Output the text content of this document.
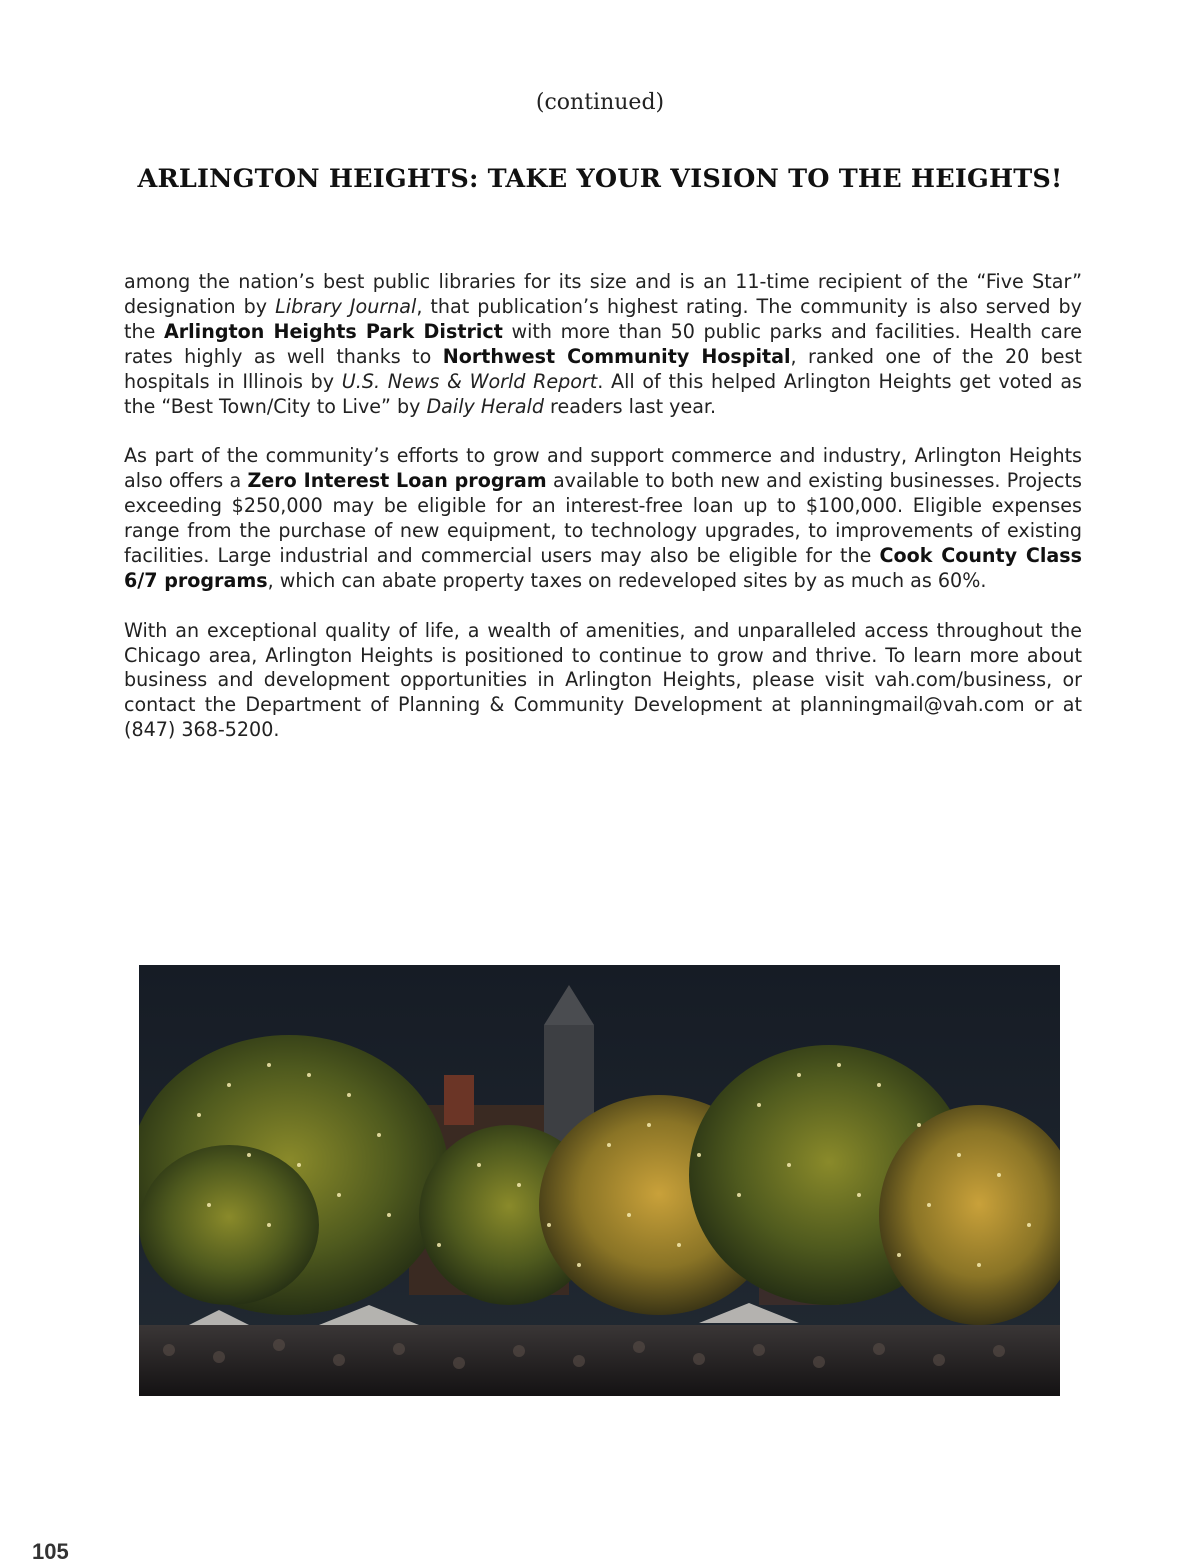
(continued)
ARLINGTON HEIGHTS: TAKE YOUR VISION TO THE HEIGHTS!

among the nation’s best public libraries for its size and is an 11-time recipient of the “Five Star” designation by Library Journal, that publication’s highest rating. The community is also served by the Arlington Heights Park District with more than 50 public parks and facilities. Health care rates highly as well thanks to Northwest Community Hospital, ranked one of the 20 best hospitals in Illinois by U.S. News & World Report. All of this helped Arlington Heights get voted as the “Best Town/City to Live” by Daily Herald readers last year.

As part of the community’s efforts to grow and support commerce and industry, Arlington Heights also offers a Zero Interest Loan program available to both new and existing businesses. Projects exceeding $250,000 may be eligible for an interest-free loan up to $100,000. Eligible expenses range from the purchase of new equipment, to technology upgrades, to improvements of existing facilities. Large industrial and commercial users may also be eligible for the Cook County Class 6/7 programs, which can abate property taxes on redeveloped sites by as much as 60%.

With an exceptional quality of life, a wealth of amenities, and unparalleled access throughout the Chicago area, Arlington Heights is positioned to continue to grow and thrive. To learn more about business and development opportunities in Arlington Heights, please visit vah.com/business, or contact the Department of Planning & Community Development at planningmail@vah.com or at (847) 368-5200.

105
